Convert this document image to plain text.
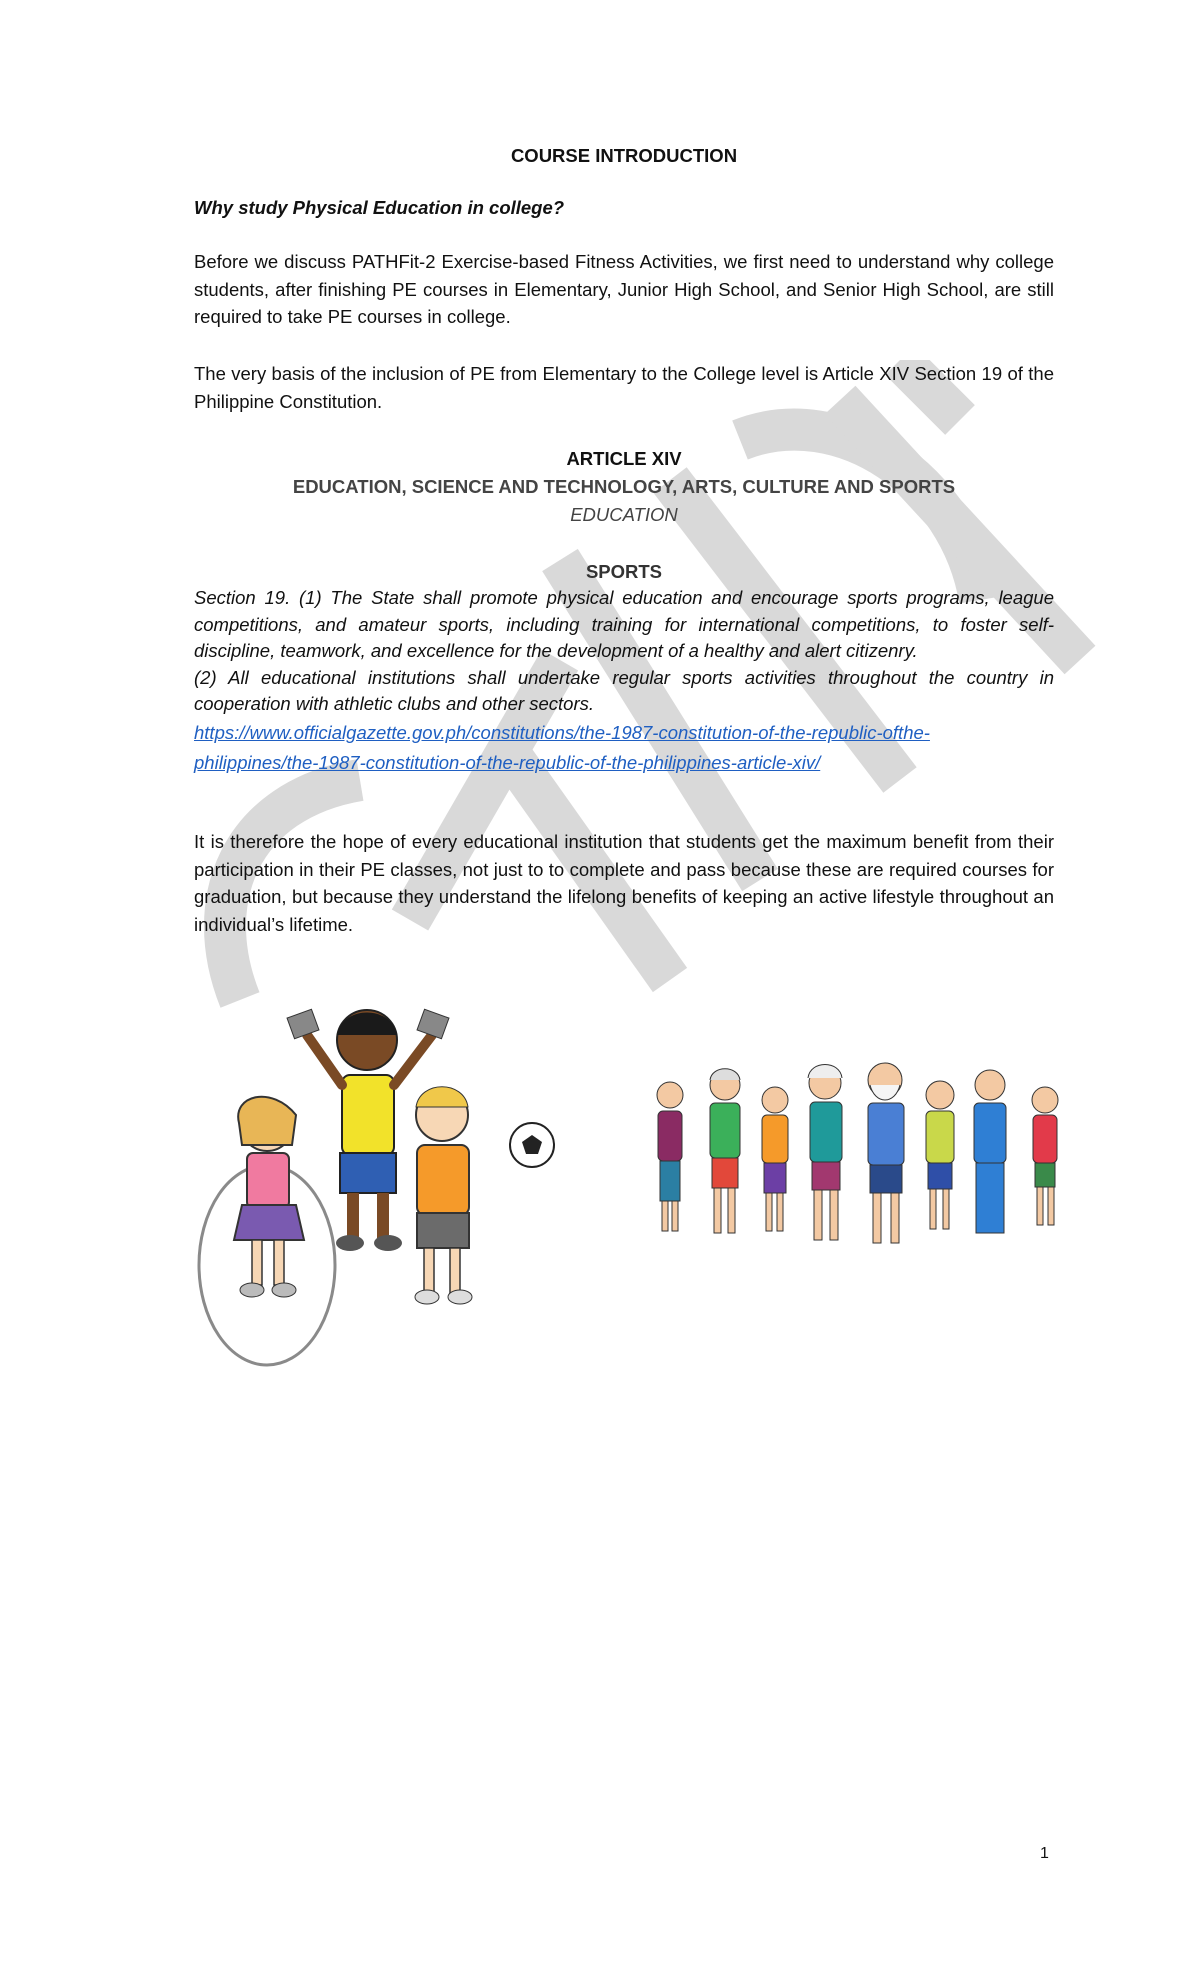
COURSE INTRODUCTION
Why study Physical Education in college?

Before we discuss PATHFit-2 Exercise-based Fitness Activities, we first need to understand why college students, after finishing PE courses in Elementary, Junior High School, and Senior High School, are still required to take PE courses in college.

The very basis of the inclusion of PE from Elementary to the College level is Article XIV Section 19 of the Philippine Constitution.

ARTICLE XIV
EDUCATION, SCIENCE AND TECHNOLOGY, ARTS, CULTURE AND SPORTS
EDUCATION
SPORTS
Section 19. (1) The State shall promote physical education and encourage sports programs, league competitions, and amateur sports, including training for international competitions, to foster self-discipline, teamwork, and excellence for the development of a healthy and alert citizenry.
(2) All educational institutions shall undertake regular sports activities throughout the country in cooperation with athletic clubs and other sectors.
https://www.officialgazette.gov.ph/constitutions/the-1987-constitution-of-the-republic-ofthe-
philippines/the-1987-constitution-of-the-republic-of-the-philippines-article-xiv/

It is therefore the hope of every educational institution that students get the maximum benefit from their participation in their PE classes, not just to to complete and pass because these are required courses for graduation, but because they understand the lifelong benefits of keeping an active lifestyle throughout an individual’s lifetime.

1
